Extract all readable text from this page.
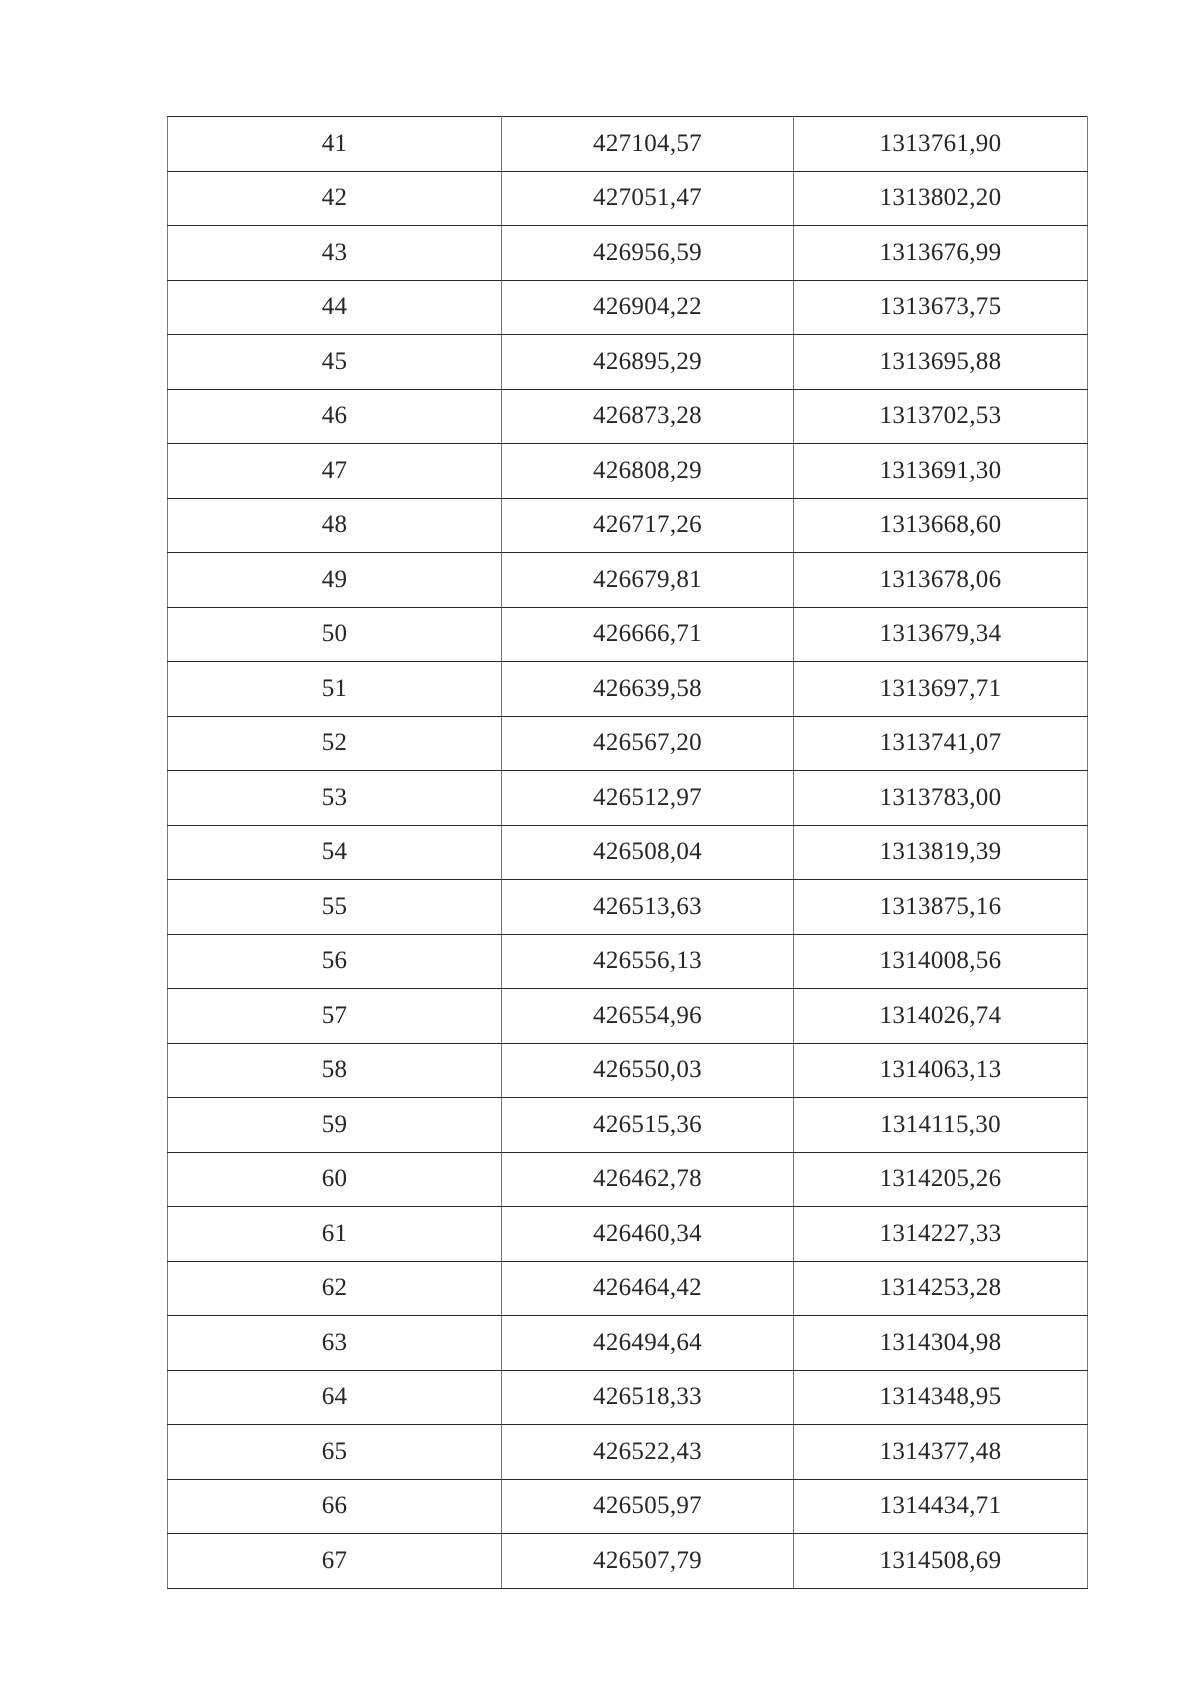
41	427104,57	1313761,90
42	427051,47	1313802,20
43	426956,59	1313676,99
44	426904,22	1313673,75
45	426895,29	1313695,88
46	426873,28	1313702,53
47	426808,29	1313691,30
48	426717,26	1313668,60
49	426679,81	1313678,06
50	426666,71	1313679,34
51	426639,58	1313697,71
52	426567,20	1313741,07
53	426512,97	1313783,00
54	426508,04	1313819,39
55	426513,63	1313875,16
56	426556,13	1314008,56
57	426554,96	1314026,74
58	426550,03	1314063,13
59	426515,36	1314115,30
60	426462,78	1314205,26
61	426460,34	1314227,33
62	426464,42	1314253,28
63	426494,64	1314304,98
64	426518,33	1314348,95
65	426522,43	1314377,48
66	426505,97	1314434,71
67	426507,79	1314508,69
